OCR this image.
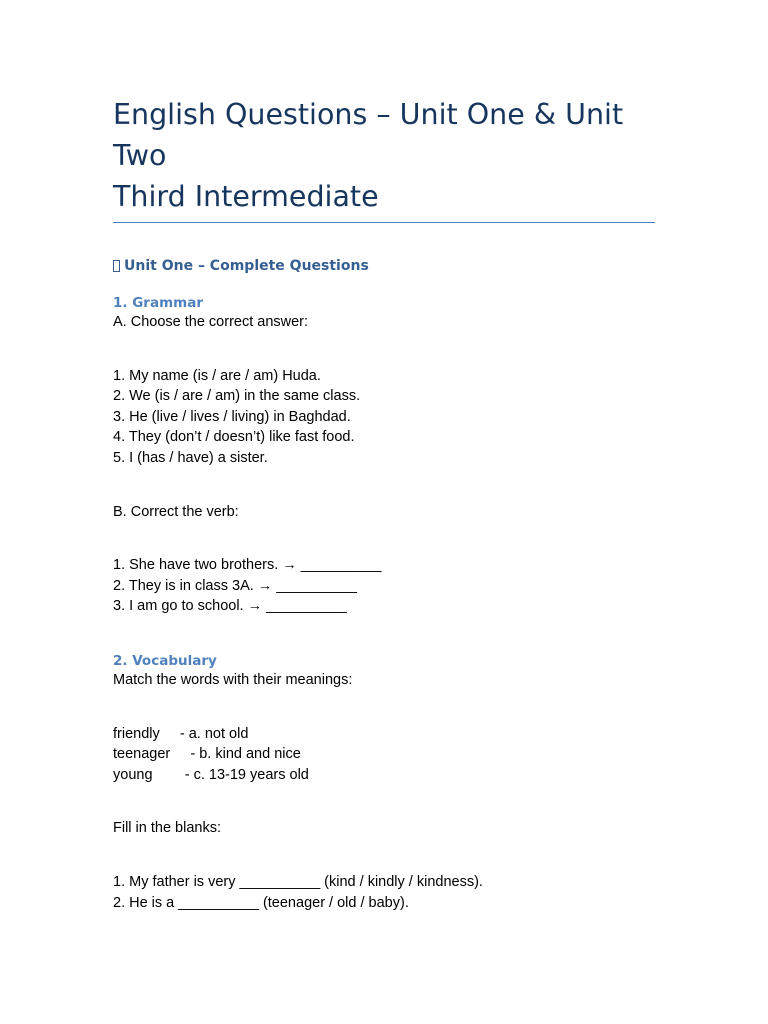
English Questions – Unit One & Unit
Two
Third Intermediate
Unit One – Complete Questions

1. Grammar

A. Choose the correct answer:

1. My name (is / are / am) Huda.

2. We (is / are / am) in the same class.

3. He (live / lives / living) in Baghdad.

4. They (don’t / doesn’t) like fast food.

5. I (has / have) a sister.

B. Correct the verb:

1. She have two brothers. → __________

2. They is in class 3A. → __________

3. I am go to school. → __________

2. Vocabulary

Match the words with their meanings:

friendly     - a. not old

teenager     - b. kind and nice

young        - c. 13-19 years old

Fill in the blanks:

1. My father is very __________ (kind / kindly / kindness).

2. He is a __________ (teenager / old / baby).
